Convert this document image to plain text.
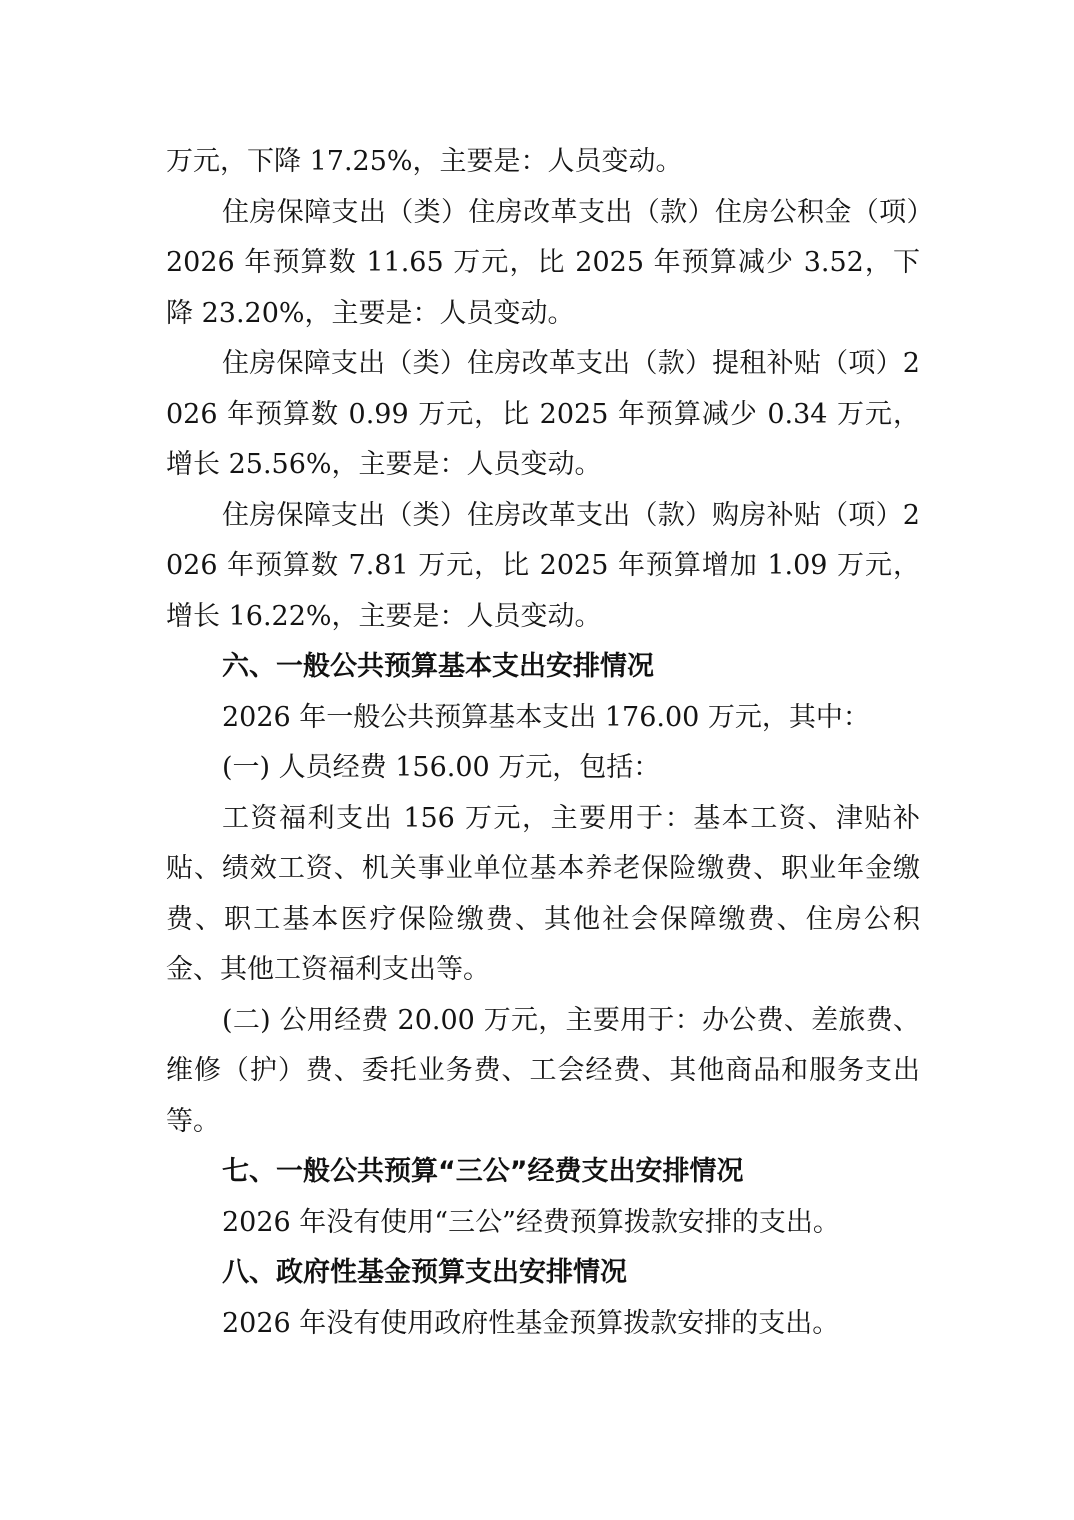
万元，下降 17.25%，主要是：人员变动。

住房保障支出（类）住房改革支出（款）住房公积金（项）2026 年预算数 11.65 万元，比 2025 年预算减少 3.52，下降 23.20%，主要是：人员变动。

住房保障支出（类）住房改革支出（款）提租补贴（项）2026 年预算数 0.99 万元，比 2025 年预算减少 0.34 万元，增长 25.56%，主要是：人员变动。

住房保障支出（类）住房改革支出（款）购房补贴（项）2026 年预算数 7.81 万元，比 2025 年预算增加 1.09 万元，增长 16.22%，主要是：人员变动。

六、一般公共预算基本支出安排情况

2026 年一般公共预算基本支出 176.00 万元，其中：

(一) 人员经费 156.00 万元，包括：

工资福利支出 156 万元，主要用于：基本工资、津贴补贴、绩效工资、机关事业单位基本养老保险缴费、职业年金缴费、职工基本医疗保险缴费、其他社会保障缴费、住房公积金、其他工资福利支出等。

(二) 公用经费 20.00 万元，主要用于：办公费、差旅费、维修（护）费、委托业务费、工会经费、其他商品和服务支出等。

七、一般公共预算“三公”经费支出安排情况

2026 年没有使用“三公”经费预算拨款安排的支出。

八、政府性基金预算支出安排情况

2026 年没有使用政府性基金预算拨款安排的支出。
